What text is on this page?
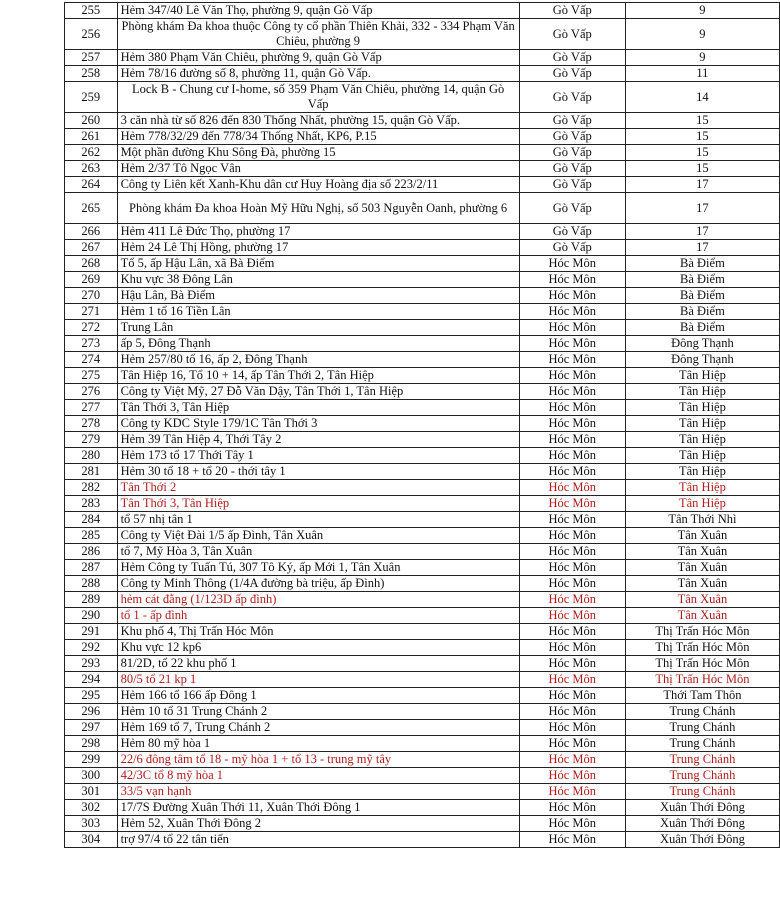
255	Hẻm 347/40 Lê Văn Thọ, phường 9, quận Gò Vấp	Gò Vấp	9
256	Phòng khám Đa khoa thuộc Công ty cổ phần Thiên Khải, 332 - 334 Phạm Văn Chiêu, phường 9	Gò Vấp	9
257	Hẻm 380 Phạm Văn Chiêu, phường 9, quận Gò Vấp	Gò Vấp	9
258	Hẻm 78/16 đường số 8, phường 11, quận Gò Vấp.	Gò Vấp	11
259	Lock B - Chung cư I-home, số 359 Phạm Văn Chiêu, phường 14, quận Gò Vấp	Gò Vấp	14
260	3 căn nhà từ số 826 đến 830 Thống Nhất, phường 15, quận Gò Vấp.	Gò Vấp	15
261	Hẻm 778/32/29 đến 778/34 Thống Nhất, KP6, P.15	Gò Vấp	15
262	Một phần đường Khu Sông Đà, phường 15	Gò Vấp	15
263	Hẻm 2/37 Tô Ngọc Vân	Gò Vấp	15
264	Công ty Liên kết Xanh-Khu dân cư Huy Hoàng địa số 223/2/11	Gò Vấp	17
265	Phòng khám Đa khoa Hoàn Mỹ Hữu Nghị, số 503 Nguyễn Oanh, phường 6	Gò Vấp	17
266	Hẻm 411 Lê Đức Thọ, phường 17	Gò Vấp	17
267	Hẻm 24 Lê Thị Hồng, phường 17	Gò Vấp	17
268	Tổ 5, ấp Hậu Lân, xã Bà Điểm	Hóc Môn	Bà Điểm
269	Khu vực 38 Đông Lân	Hóc Môn	Bà Điểm
270	Hậu Lân, Bà Điểm	Hóc Môn	Bà Điểm
271	Hẻm 1 tổ 16 Tiền Lân	Hóc Môn	Bà Điểm
272	Trung Lân	Hóc Môn	Bà Điểm
273	ấp 5, Đông Thạnh	Hóc Môn	Đông Thạnh
274	Hẻm 257/80 tổ 16, ấp 2, Đông Thạnh	Hóc Môn	Đông Thạnh
275	Tân Hiệp 16, Tổ 10 + 14, ấp Tân Thới 2, Tân Hiệp	Hóc Môn	Tân Hiệp
276	Công ty Việt Mỹ, 27 Đỗ Văn Dậy, Tân Thới 1, Tân Hiệp	Hóc Môn	Tân Hiệp
277	Tân Thới 3, Tân Hiệp	Hóc Môn	Tân Hiệp
278	Công ty KDC Style 179/1C Tân Thới 3	Hóc Môn	Tân Hiệp
279	Hẻm 39 Tân Hiệp 4, Thới Tây 2	Hóc Môn	Tân Hiệp
280	Hẻm 173 tổ 17 Thới Tây 1	Hóc Môn	Tân Hiệp
281	Hẻm 30 tổ 18 + tổ 20 - thới tây 1	Hóc Môn	Tân Hiệp
282	Tân Thới 2	Hóc Môn	Tân Hiệp
283	Tân Thới 3, Tân Hiệp	Hóc Môn	Tân Hiệp
284	tổ 57 nhị tân 1	Hóc Môn	Tân Thới Nhì
285	Công ty Việt Đài 1/5 ấp Đình, Tân Xuân	Hóc Môn	Tân Xuân
286	tổ 7, Mỹ Hòa 3, Tân Xuân	Hóc Môn	Tân Xuân
287	Hẻm Công ty Tuấn Tú, 307 Tô Ký, ấp Mới 1, Tân Xuân	Hóc Môn	Tân Xuân
288	Công ty Minh Thông (1/4A đường bà triệu, ấp Đình)	Hóc Môn	Tân Xuân
289	hẻm cát đằng (1/123D ấp đình)	Hóc Môn	Tân Xuân
290	tổ 1 - ấp đình	Hóc Môn	Tân Xuân
291	Khu phố 4, Thị Trấn Hóc Môn	Hóc Môn	Thị Trấn Hóc Môn
292	Khu vực 12 kp6	Hóc Môn	Thị Trấn Hóc Môn
293	81/2D, tổ 22 khu phố 1	Hóc Môn	Thị Trấn Hóc Môn
294	80/5 tổ 21 kp 1	Hóc Môn	Thị Trấn Hóc Môn
295	Hẻm 166 tổ 166 ấp Đông 1	Hóc Môn	Thới Tam Thôn
296	Hẻm 10 tổ 31 Trung Chánh 2	Hóc Môn	Trung Chánh
297	Hẻm 169 tổ 7, Trung Chánh 2	Hóc Môn	Trung Chánh
298	Hẻm 80 mỹ hòa 1	Hóc Môn	Trung Chánh
299	22/6 đông tâm tổ 18 - mỹ hòa 1 + tổ 13 - trung mỹ tây	Hóc Môn	Trung Chánh
300	42/3C tổ 8 mỹ hòa 1	Hóc Môn	Trung Chánh
301	33/5 vạn hạnh	Hóc Môn	Trung Chánh
302	17/7S Đường Xuân Thới 11, Xuân Thới Đông 1	Hóc Môn	Xuân Thới Đông
303	Hẻm 52, Xuân Thới Đông 2	Hóc Môn	Xuân Thới Đông
304	trợ 97/4 tổ 22 tân tiến	Hóc Môn	Xuân Thới Đông
